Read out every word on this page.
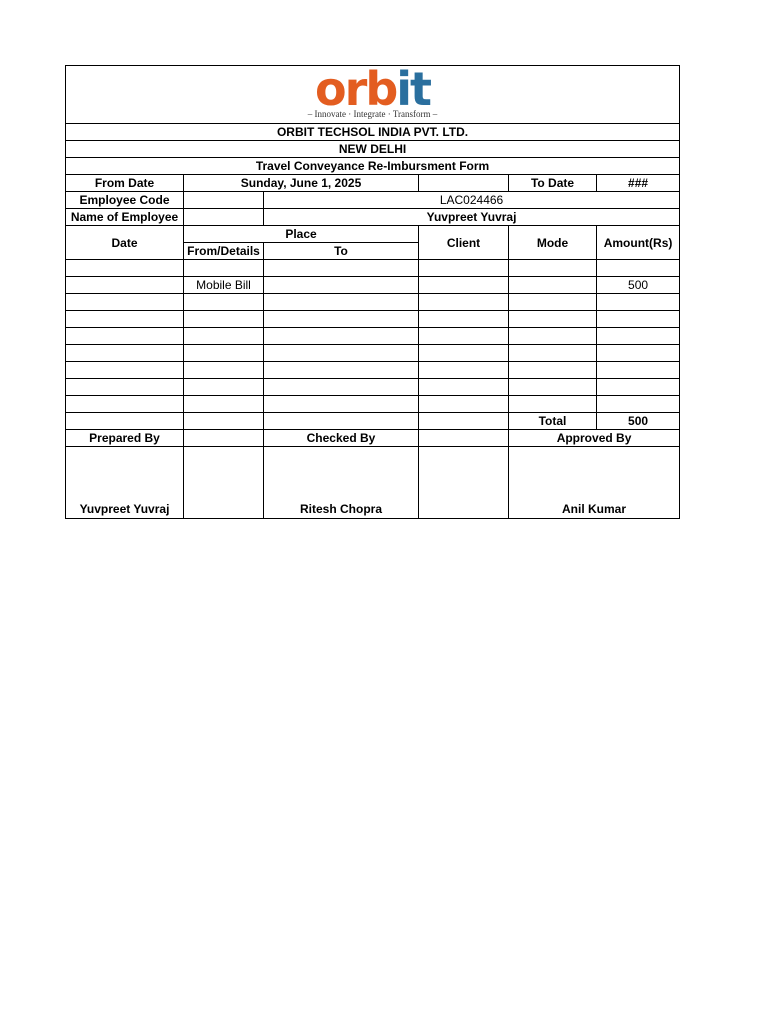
orbit
– Innovate · Integrate · Transform –					

ORBIT TECHSOL INDIA PVT. LTD.					
NEW DELHI					
Travel Conveyance Re-Imbursment Form					
From Date	Sunday, June 1, 2025			To Date	###
Employee Code		LAC024466			
Name of Employee		Yuvpreet Yuvraj			
Date	Place		Client	Mode	Amount(Rs)
	From/Details	To			

	Mobile Bill				500

				Total	500
Prepared By		Checked By		Approved By	
Yuvpreet Yuvraj		Ritesh Chopra		Anil Kumar	
